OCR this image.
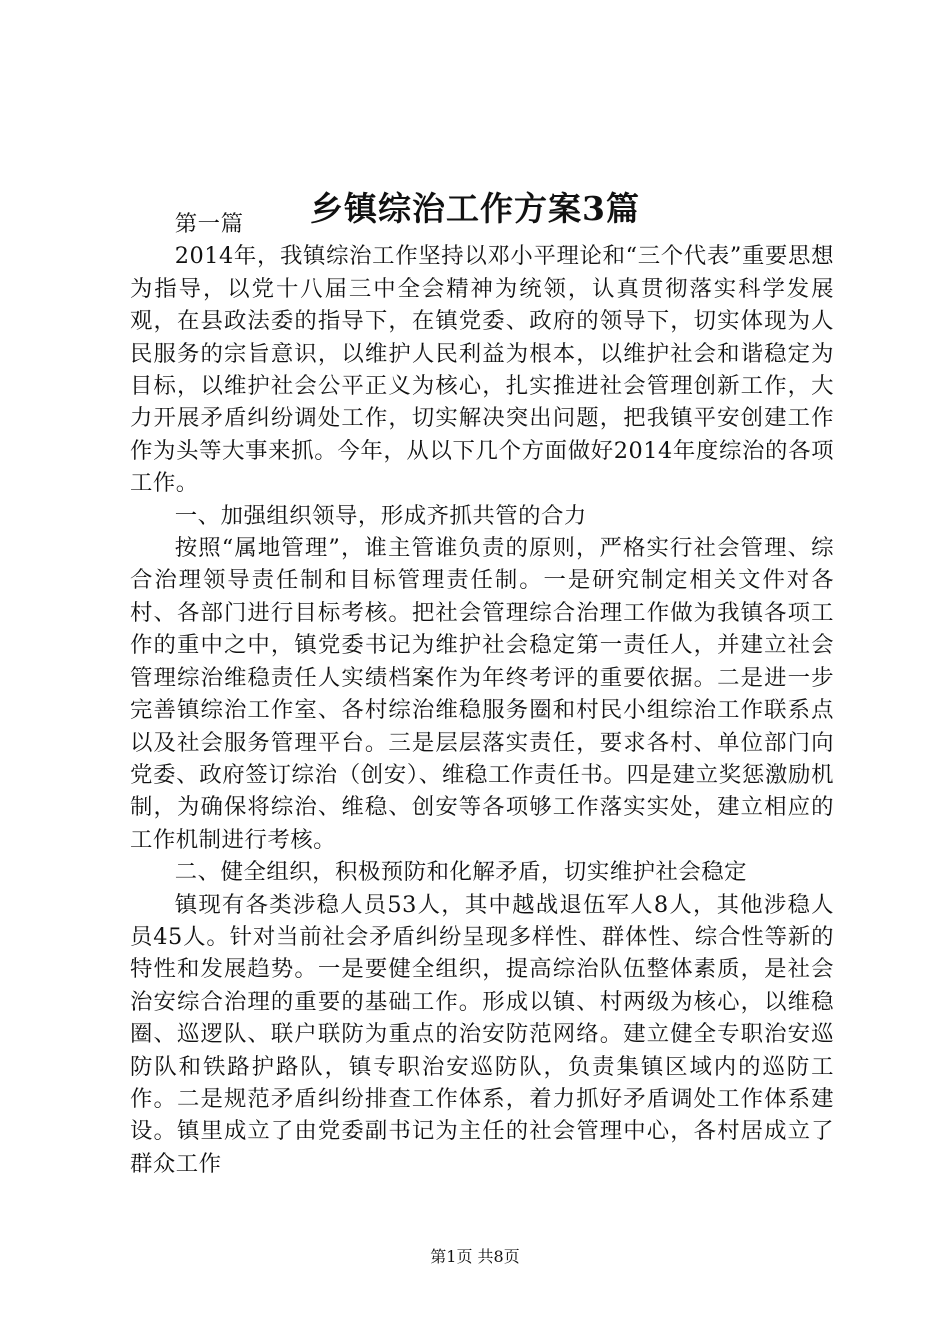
乡镇综治工作方案3篇

第一篇

2014年，我镇综治工作坚持以邓小平理论和“三个代表”重要思想为指导，以党十八届三中全会精神为统领，认真贯彻落实科学发展观，在县政法委的指导下，在镇党委、政府的领导下，切实体现为人民服务的宗旨意识，以维护人民利益为根本，以维护社会和谐稳定为目标，以维护社会公平正义为核心，扎实推进社会管理创新工作，大力开展矛盾纠纷调处工作，切实解决突出问题，把我镇平安创建工作作为头等大事来抓。今年，从以下几个方面做好2014年度综治的各项工作。

一、加强组织领导，形成齐抓共管的合力

按照“属地管理”，谁主管谁负责的原则，严格实行社会管理、综合治理领导责任制和目标管理责任制。一是研究制定相关文件对各村、各部门进行目标考核。把社会管理综合治理工作做为我镇各项工作的重中之中，镇党委书记为维护社会稳定第一责任人，并建立社会管理综治维稳责任人实绩档案作为年终考评的重要依据。二是进一步完善镇综治工作室、各村综治维稳服务圈和村民小组综治工作联系点以及社会服务管理平台。三是层层落实责任，要求各村、单位部门向党委、政府签订综治（创安）、维稳工作责任书。四是建立奖惩激励机制，为确保将综治、维稳、创安等各项够工作落实实处，建立相应的工作机制进行考核。

二、健全组织，积极预防和化解矛盾，切实维护社会稳定

镇现有各类涉稳人员53人，其中越战退伍军人8人，其他涉稳人员45人。针对当前社会矛盾纠纷呈现多样性、群体性、综合性等新的特性和发展趋势。一是要健全组织，提高综治队伍整体素质，是社会治安综合治理的重要的基础工作。形成以镇、村两级为核心，以维稳圈、巡逻队、联户联防为重点的治安防范网络。建立健全专职治安巡防队和铁路护路队，镇专职治安巡防队，负责集镇区域内的巡防工作。二是规范矛盾纠纷排查工作体系，着力抓好矛盾调处工作体系建设。镇里成立了由党委副书记为主任的社会管理中心，各村居成立了群众工作

第1页 共8页
